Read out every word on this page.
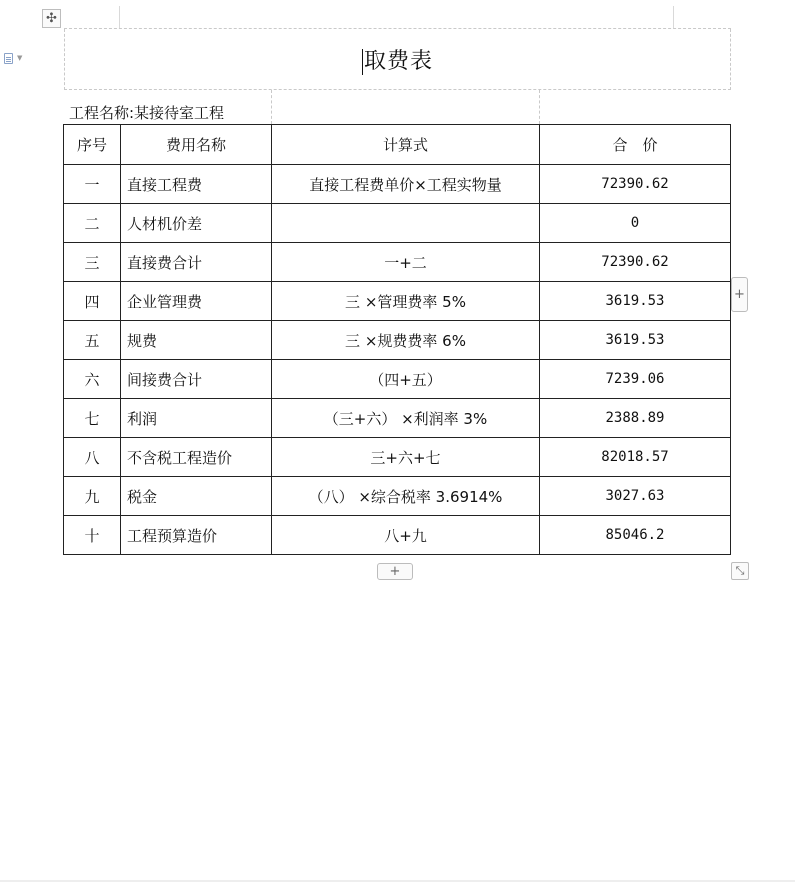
✣
▼	取费表
工程名称:某接待室工程
序号	费用名称	计算式	合　价
一	直接工程费	直接工程费单价×工程实物量	72390.62
二	人材机价差		0
三	直接费合计	一+二	72390.62
四	企业管理费	三 ×管理费率 5%	3619.53
五	规费	三 ×规费费率 6%	3619.53
六	间接费合计	（四+五）	7239.06
七	利润	（三+六） ×利润率 3%	2388.89
八	不含税工程造价	三+六+七	82018.57
九	税金	（八） ×综合税率 3.6914%	3027.63
十	工程预算造价	八+九	85046.2
+
+	⤡
